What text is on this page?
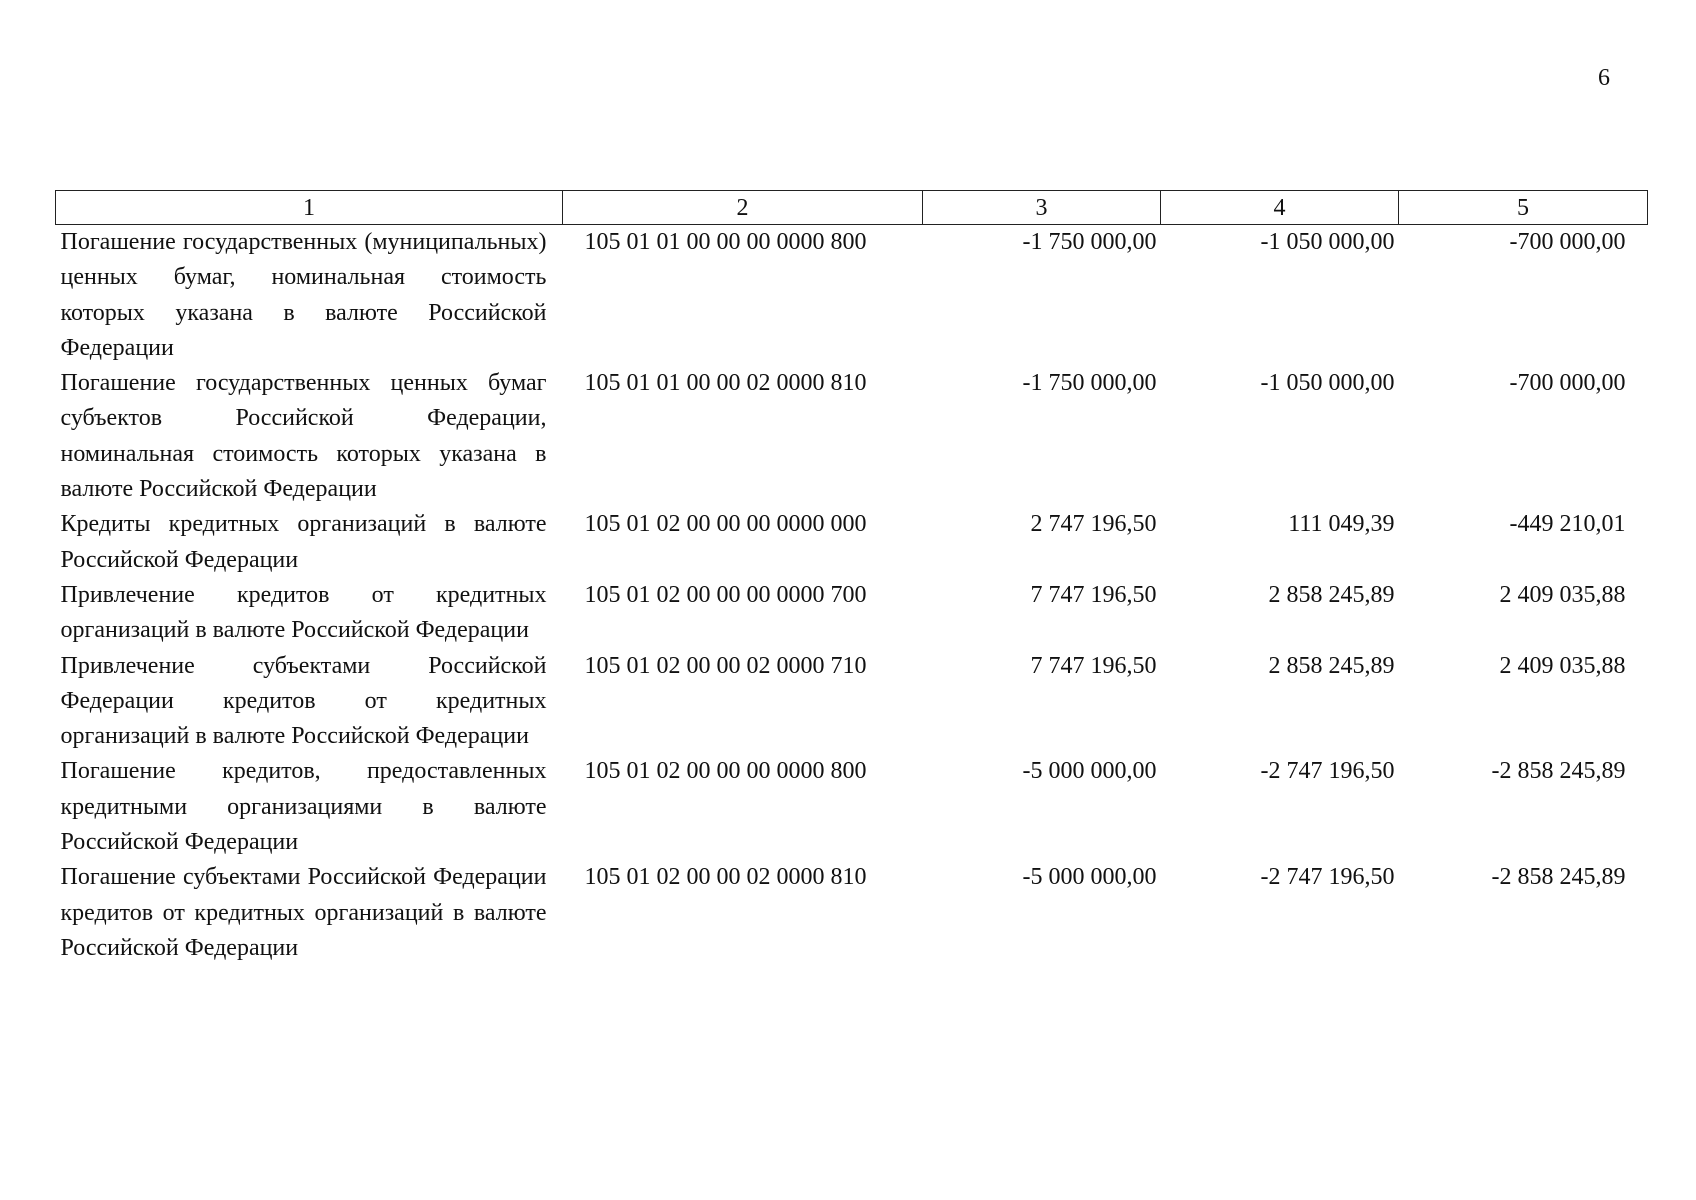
6
1	2	3	4	5
Погашение государственных (муниципальных) ценных бумаг, номинальная стоимость которых указана в валюте Российской Федерации	105 01 01 00 00 00 0000 800	-1 750 000,00	-1 050 000,00	-700 000,00
Погашение государственных ценных бумаг субъектов Российской Федерации, номинальная стоимость которых указана в валюте Российской Федерации	105 01 01 00 00 02 0000 810	-1 750 000,00	-1 050 000,00	-700 000,00
Кредиты кредитных организаций в валюте Российской Федерации	105 01 02 00 00 00 0000 000	2 747 196,50	111 049,39	-449 210,01
Привлечение кредитов от кредитных организаций в валюте Российской Федерации	105 01 02 00 00 00 0000 700	7 747 196,50	2 858 245,89	2 409 035,88
Привлечение субъектами Российской Федерации кредитов от кредитных организаций в валюте Российской Федерации	105 01 02 00 00 02 0000 710	7 747 196,50	2 858 245,89	2 409 035,88
Погашение кредитов, предоставленных кредитными организациями в валюте Российской Федерации	105 01 02 00 00 00 0000 800	-5 000 000,00	-2 747 196,50	-2 858 245,89
Погашение субъектами Российской Федерации кредитов от кредитных организаций в валюте Российской Федерации	105 01 02 00 00 02 0000 810	-5 000 000,00	-2 747 196,50	-2 858 245,89
